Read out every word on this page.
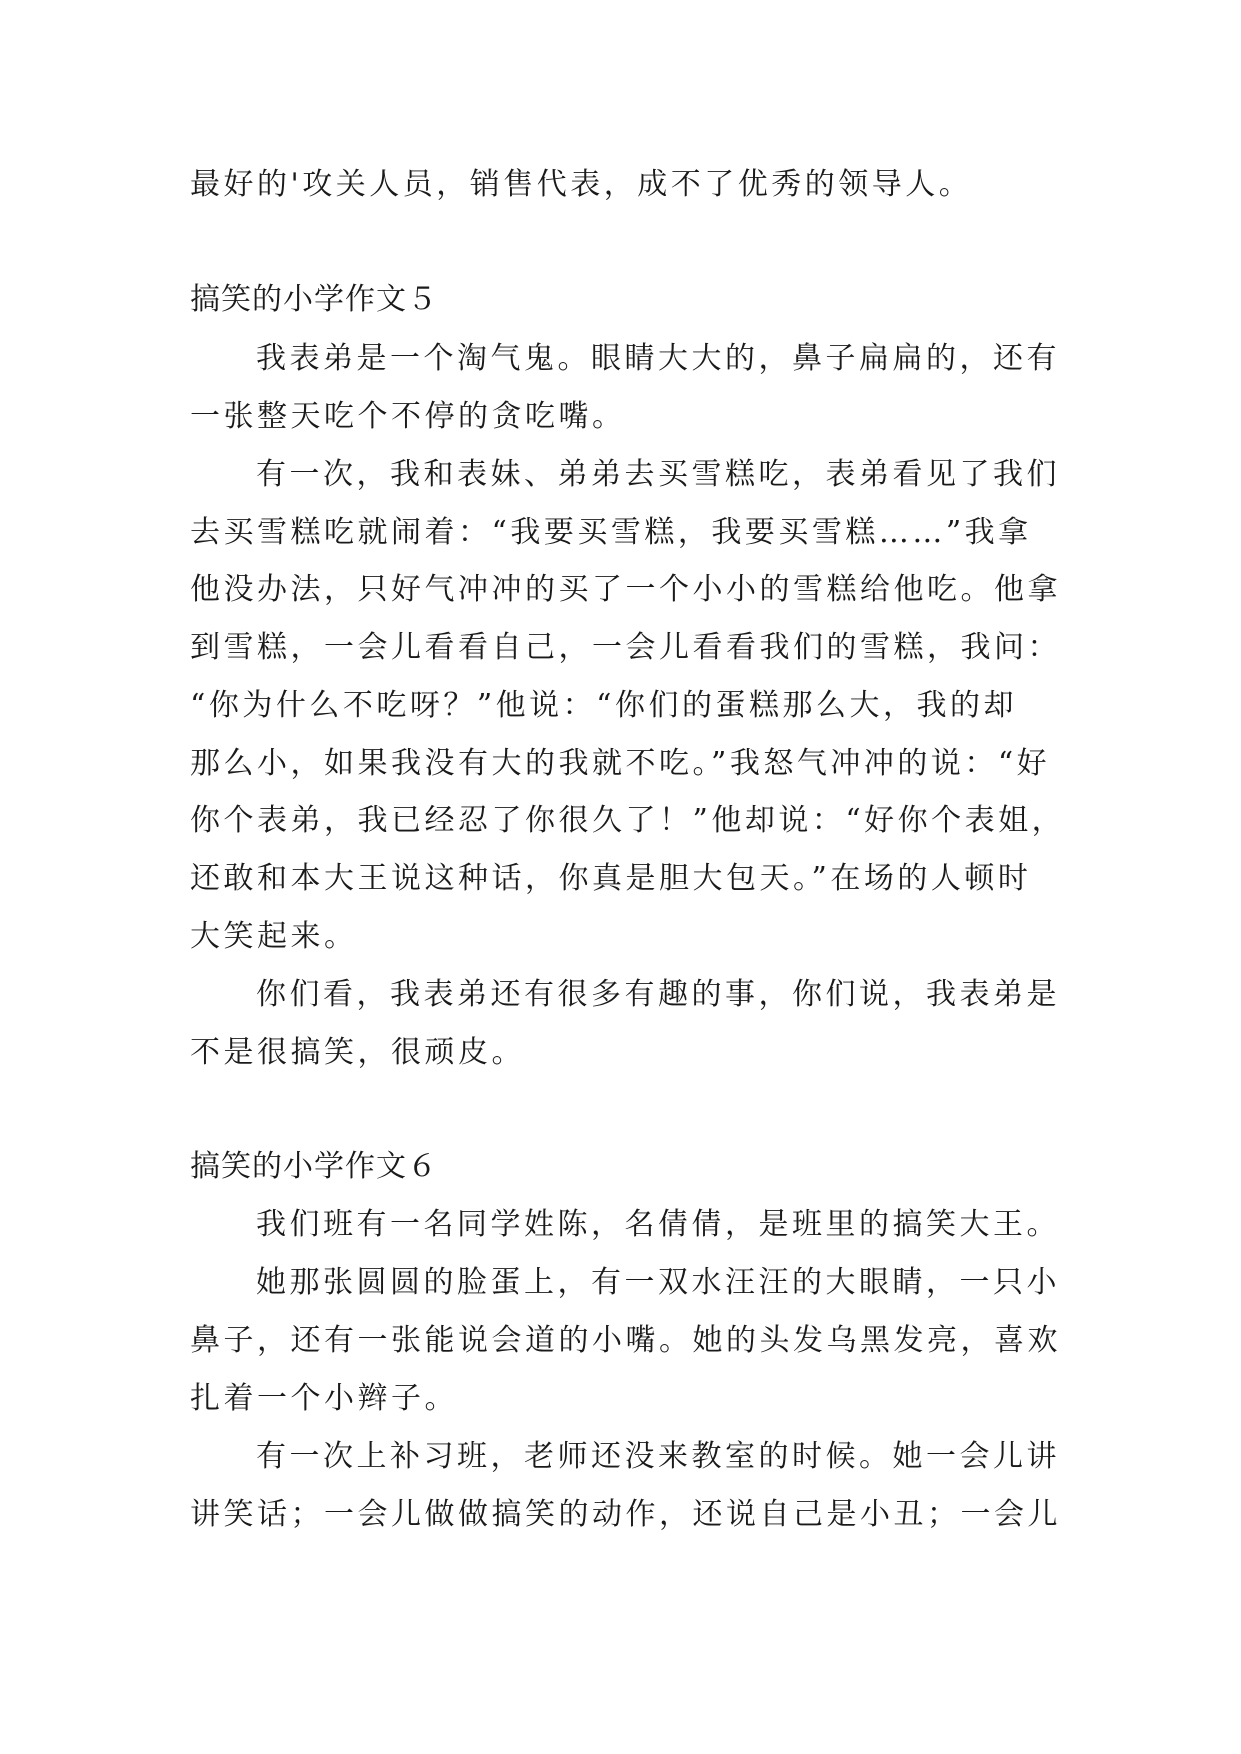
最好的'攻关人员，销售代表，成不了优秀的领导人。
搞笑的小学作文５
我表弟是一个淘气鬼。眼睛大大的，鼻子扁扁的，还有
一张整天吃个不停的贪吃嘴。
有一次，我和表妹、弟弟去买雪糕吃，表弟看见了我们
去买雪糕吃就闹着：“我要买雪糕，我要买雪糕……”我拿
他没办法，只好气冲冲的买了一个小小的雪糕给他吃。他拿
到雪糕，一会儿看看自己，一会儿看看我们的雪糕，我问：
“你为什么不吃呀？”他说：“你们的蛋糕那么大，我的却
那么小，如果我没有大的我就不吃。”我怒气冲冲的说：“好
你个表弟，我已经忍了你很久了！”他却说：“好你个表姐，
还敢和本大王说这种话，你真是胆大包天。”在场的人顿时
大笑起来。
你们看，我表弟还有很多有趣的事，你们说，我表弟是
不是很搞笑，很顽皮。
搞笑的小学作文６
我们班有一名同学姓陈，名倩倩，是班里的搞笑大王。
她那张圆圆的脸蛋上，有一双水汪汪的大眼睛，一只小
鼻子，还有一张能说会道的小嘴。她的头发乌黑发亮，喜欢
扎着一个小辫子。
有一次上补习班，老师还没来教室的时候。她一会儿讲
讲笑话；一会儿做做搞笑的动作，还说自己是小丑；一会儿
